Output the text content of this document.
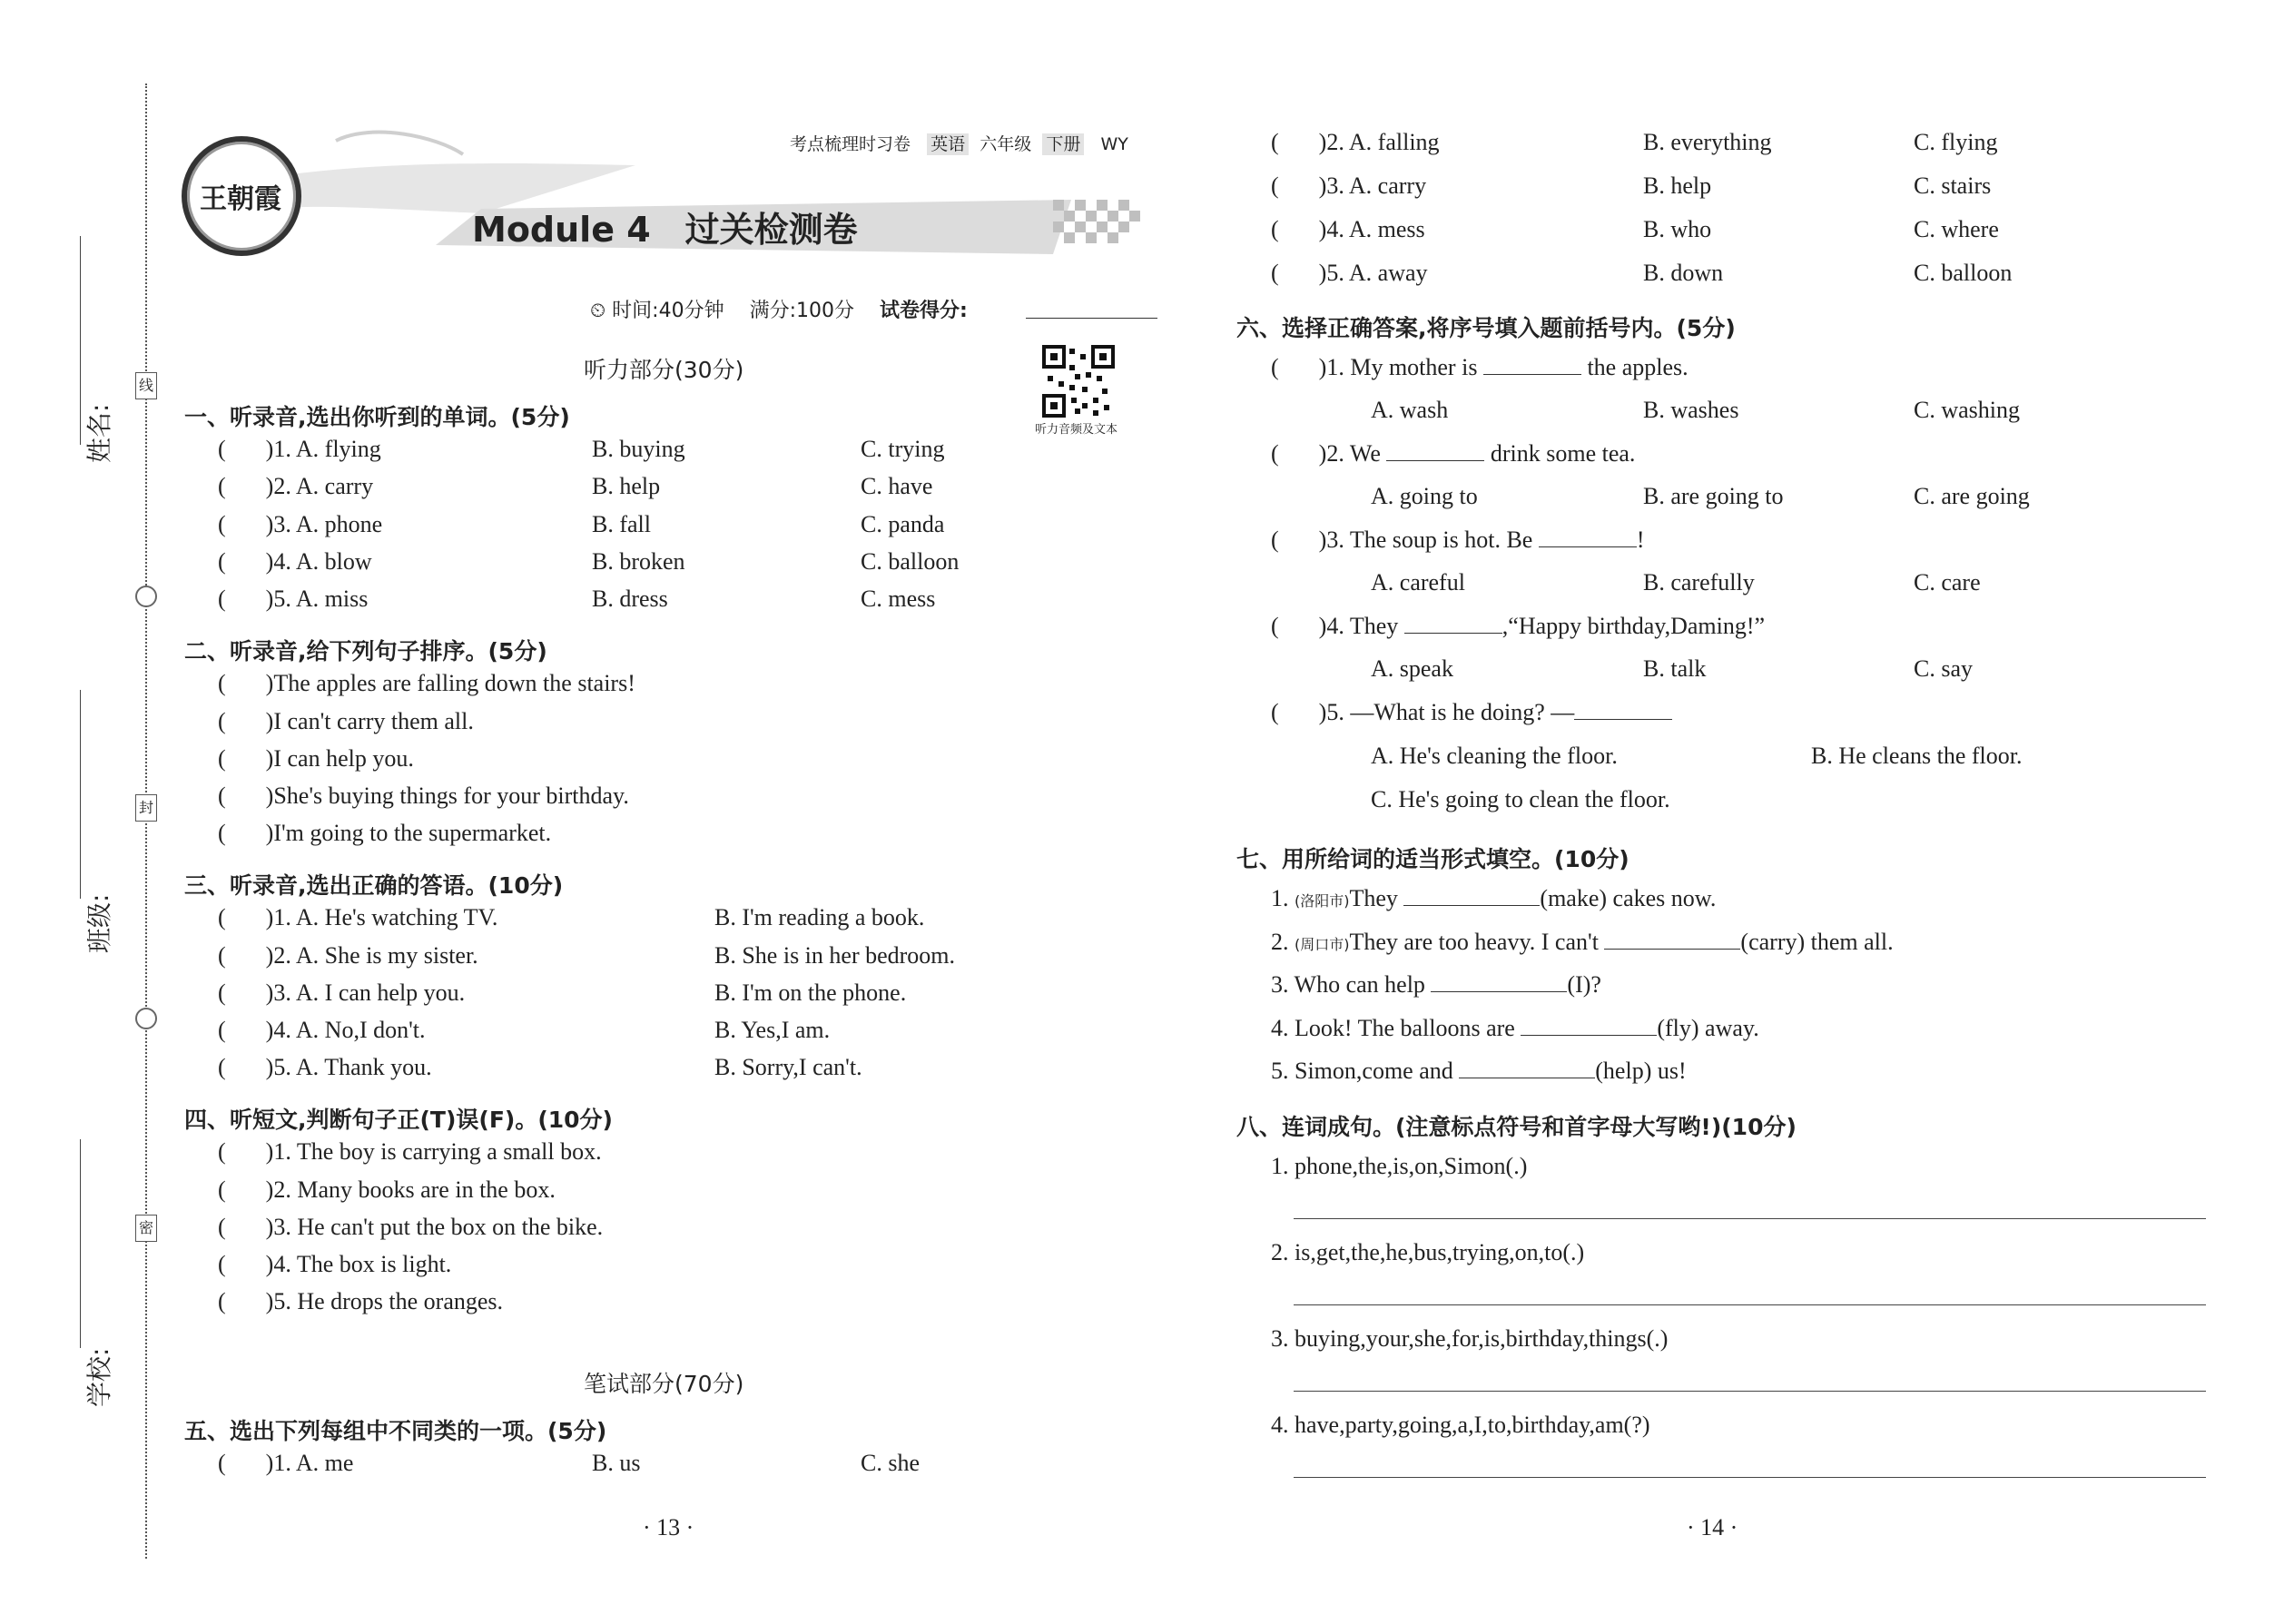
姓名:
班级:
学校:
线
封
密
王朝霞
考点梳理时习卷 英语 六年级 下册 WY
Module 4　过关检测卷
⏲ 时间:40分钟 满分:100分 试卷得分:
听力音频及文本
听力部分(30分)
一、听录音,选出你听到的单词。(5分)
( )1. A. flying	B. buying	C. trying
( )2. A. carry	B. help	C. have
( )3. A. phone	B. fall	C. panda
( )4. A. blow	B. broken	C. balloon
( )5. A. miss	B. dress	C. mess
二、听录音,给下列句子排序。(5分)
( )The apples are falling down the stairs!
( )I can't carry them all.
( )I can help you.
( )She's buying things for your birthday.
( )I'm going to the supermarket.
三、听录音,选出正确的答语。(10分)
( )1. A. He's watching TV.	B. I'm reading a book.
( )2. A. She is my sister.	B. She is in her bedroom.
( )3. A. I can help you.	B. I'm on the phone.
( )4. A. No,I don't.	B. Yes,I am.
( )5. A. Thank you.	B. Sorry,I can't.
四、听短文,判断句子正(T)误(F)。(10分)
( )1. The boy is carrying a small box.
( )2. Many books are in the box.
( )3. He can't put the box on the bike.
( )4. The box is light.
( )5. He drops the oranges.
笔试部分(70分)
五、选出下列每组中不同类的一项。(5分)
( )1. A. me	B. us	C. she
· 13 ·
( )2. A. falling	B. everything	C. flying
( )3. A. carry	B. help	C. stairs
( )4. A. mess	B. who	C. where
( )5. A. away	B. down	C. balloon
六、选择正确答案,将序号填入题前括号内。(5分)
( )1. My mother is	the apples.
A. wash	B. washes	C. washing
( )2. We	drink some tea.
A. going to	B. are going to	C. are going
( )3. The soup is hot. Be	!
A. careful	B. carefully	C. care
( )4. They	,“Happy birthday,Daming!”
A. speak	B. talk	C. say
( )5. —What is he doing? —
A. He's cleaning the floor.	B. He cleans the floor.
C. He's going to clean the floor.
七、用所给词的适当形式填空。(10分)
1. (洛阳市)They	(make) cakes now.
2. (周口市)They are too heavy. I can't	(carry) them all.
3. Who can help	(I)?
4. Look! The balloons are	(fly) away.
5. Simon,come and	(help) us!
八、连词成句。(注意标点符号和首字母大写哟!)(10分)
1. phone,the,is,on,Simon(.)
2. is,get,the,he,bus,trying,on,to(.)
3. buying,your,she,for,is,birthday,things(.)
4. have,party,going,a,I,to,birthday,am(?)
· 14 ·
